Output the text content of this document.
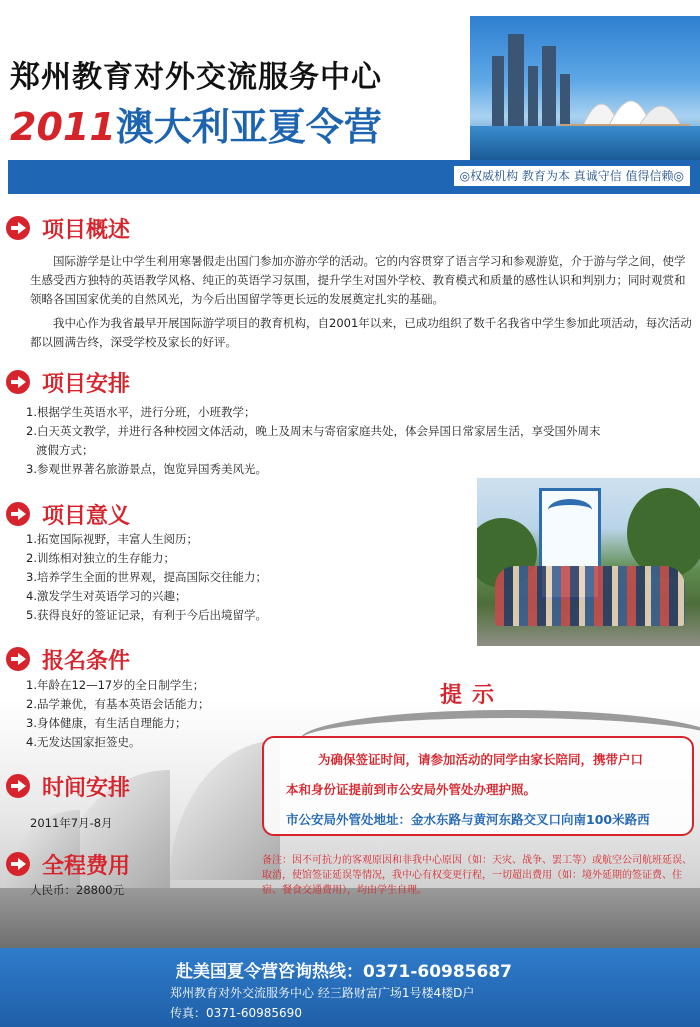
郑州教育对外交流服务中心
2011澳大利亚夏令营
◎权威机构 教育为本 真诚守信 值得信赖◎
项目概述

国际游学是让中学生利用寒暑假走出国门参加亦游亦学的活动。它的内容贯穿了语言学习和参观游览，介于游与学之间，使学生感受西方独特的英语教学风格、纯正的英语学习氛围，提升学生对国外学校、教育模式和质量的感性认识和判别力；同时观赏和领略各国国家优美的自然风光，为今后出国留学等更长远的发展奠定扎实的基础。

我中心作为我省最早开展国际游学项目的教育机构，自2001年以来，已成功组织了数千名我省中学生参加此项活动，每次活动都以圆满告终，深受学校及家长的好评。

项目安排
1.根据学生英语水平，进行分班，小班教学；
2.白天英文教学，并进行各种校园文体活动，晚上及周末与寄宿家庭共处，体会异国日常家居生活，享受国外周末
渡假方式；
3.参观世界著名旅游景点，饱览异国秀美风光。
项目意义
1.拓宽国际视野，丰富人生阅历；
2.训练相对独立的生存能力；
3.培养学生全面的世界观，提高国际交往能力；
4.激发学生对英语学习的兴趣；
5.获得良好的签证记录，有利于今后出境留学。
报名条件
1.年龄在12—17岁的全日制学生；
2.品学兼优，有基本英语会话能力；
3.身体健康，有生活自理能力；
4.无发达国家拒签史。
时间安排
2011年7月-8月
全程费用
人民币：28800元
提示
为确保签证时间，请参加活动的同学由家长陪同，携带户口
本和身份证提前到市公安局外管处办理护照。
市公安局外管处地址：金水东路与黄河东路交叉口向南100米路西

备注：因不可抗力的客观原因和非我中心原因（如：天灾、战争、罢工等）或航空公司航班延误、取消，使馆签证延误等情况，我中心有权变更行程，一切超出费用（如：境外延期的签证费、住宿、餐食交通费用），均由学生自理。

赴美国夏令营咨询热线：0371-60985687
郑州教育对外交流服务中心 经三路财富广场1号楼4楼D户
传真：0371-60985690
